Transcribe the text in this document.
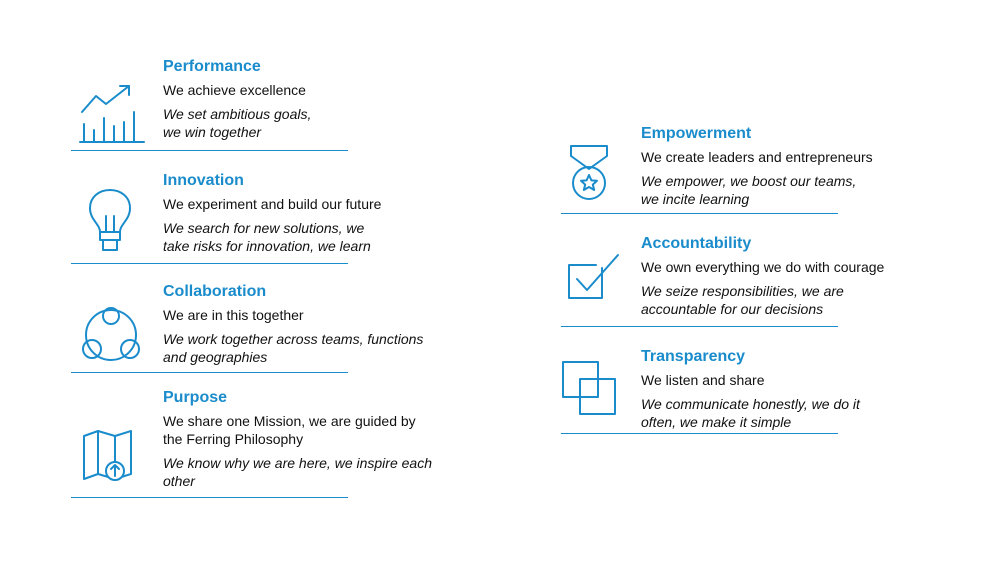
Performance

We achieve excellence

We set ambitious goals,
we win together

Innovation

We experiment and build our future

We search for new solutions, we
take risks for innovation, we learn

Collaboration

We are in this together

We work together across teams, functions
and geographies

Purpose

We share one Mission, we are guided by
the Ferring Philosophy

We know why we are here, we inspire each
other

Empowerment

We create leaders and entrepreneurs

We empower, we boost our teams,
we incite learning

Accountability

We own everything we do with courage

We seize responsibilities, we are
accountable for our decisions

Transparency

We listen and share

We communicate honestly, we do it
often, we make it simple
